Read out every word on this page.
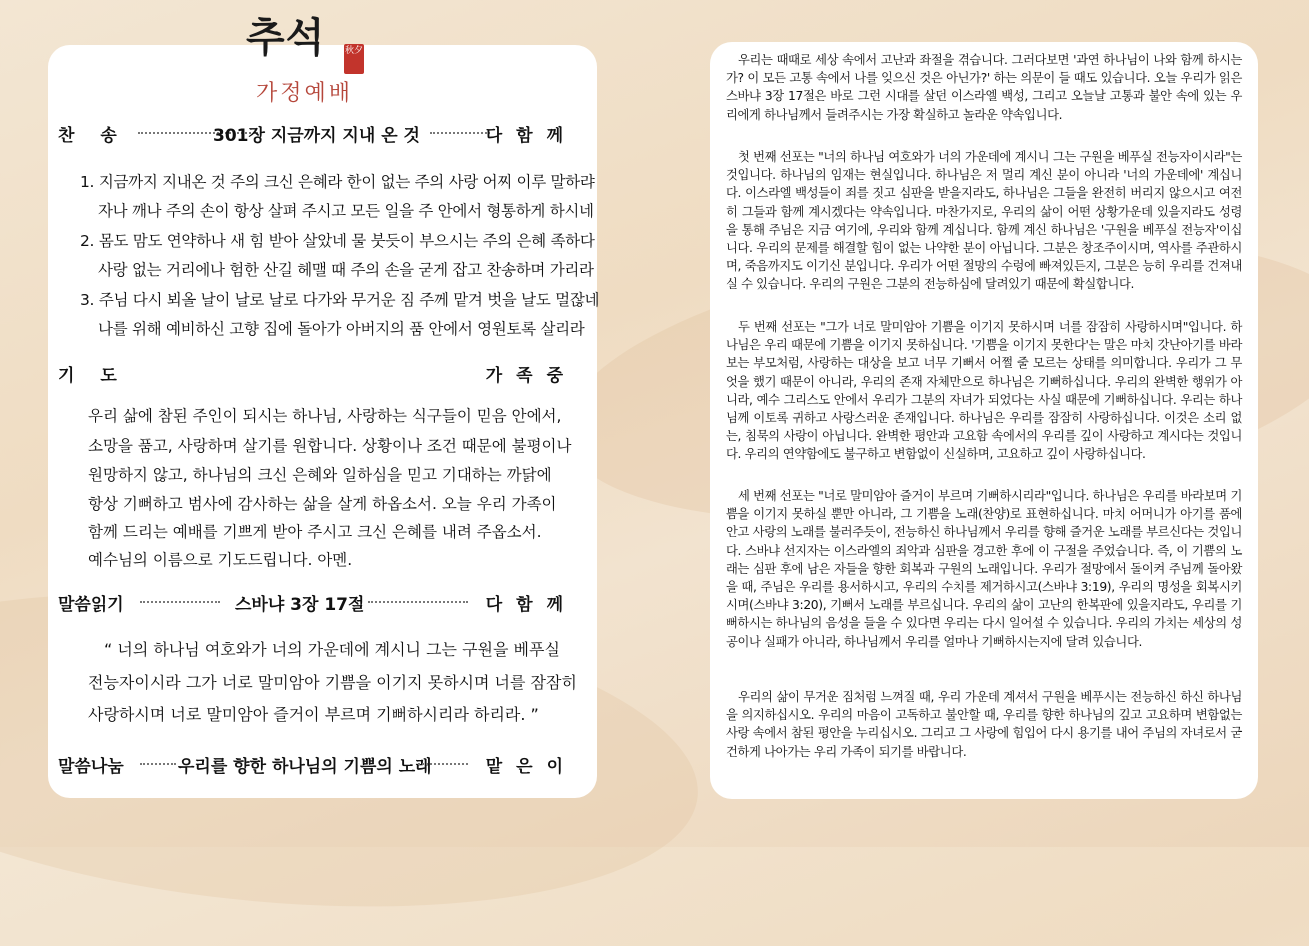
추석 秋夕
가정예배
찬 송	301장 지금까지 지내 온 것	다함께
1. 지금까지 지내온 것 주의 크신 은혜라 한이 없는 주의 사랑 어찌 이루 말하랴
자나 깨나 주의 손이 항상 살펴 주시고 모든 일을 주 안에서 형통하게 하시네
2. 몸도 맘도 연약하나 새 힘 받아 살았네 물 붓듯이 부으시는 주의 은혜 족하다
사랑 없는 거리에나 험한 산길 헤맬 때 주의 손을 굳게 잡고 찬송하며 가리라
3. 주님 다시 뵈올 날이 날로 날로 다가와 무거운 짐 주께 맡겨 벗을 날도 멀잖네
나를 위해 예비하신 고향 집에 돌아가 아버지의 품 안에서 영원토록 살리라
기 도	가족중
우리 삶에 참된 주인이 되시는 하나님, 사랑하는 식구들이 믿음 안에서,
소망을 품고, 사랑하며 살기를 원합니다. 상황이나 조건 때문에 불평이나
원망하지 않고, 하나님의 크신 은혜와 일하심을 믿고 기대하는 까닭에
항상 기뻐하고 범사에 감사하는 삶을 살게 하옵소서. 오늘 우리 가족이
함께 드리는 예배를 기쁘게 받아 주시고 크신 은혜를 내려 주옵소서.
예수님의 이름으로 기도드립니다. 아멘.
말씀읽기	스바냐 3장 17절	다함께
“ 너의 하나님 여호와가 너의 가운데에 계시니 그는 구원을 베푸실
전능자이시라 그가 너로 말미암아 기쁨을 이기지 못하시며 너를 잠잠히
사랑하시며 너로 말미암아 즐거이 부르며 기뻐하시리라 하리라. ”
말씀나눔	우리를 향한 하나님의 기쁨의 노래	맡은이
우리는 때때로 세상 속에서 고난과 좌절을 겪습니다. 그러다보면 '과연 하나님이 나와 함께 하시는가? 이 모든 고통 속에서 나를 잊으신 것은 아닌가?' 하는 의문이 들 때도 있습니다. 오늘 우리가 읽은 스바냐 3장 17절은 바로 그런 시대를 살던 이스라엘 백성, 그리고 오늘날 고통과 불안 속에 있는 우리에게 하나님께서 들려주시는 가장 확실하고 놀라운 약속입니다.
첫 번째 선포는 "너의 하나님 여호와가 너의 가운데에 계시니 그는 구원을 베푸실 전능자이시라"는 것입니다. 하나님의 임재는 현실입니다. 하나님은 저 멀리 계신 분이 아니라 '너의 가운데에' 계십니다. 이스라엘 백성들이 죄를 짓고 심판을 받을지라도, 하나님은 그들을 완전히 버리지 않으시고 여전히 그들과 함께 계시겠다는 약속입니다. 마찬가지로, 우리의 삶이 어떤 상황가운데 있을지라도 성령을 통해 주님은 지금 여기에, 우리와 함께 계십니다. 함께 계신 하나님은 '구원을 베푸실 전능자'이십니다. 우리의 문제를 해결할 힘이 없는 나약한 분이 아닙니다. 그분은 창조주이시며, 역사를 주관하시며, 죽음까지도 이기신 분입니다. 우리가 어떤 절망의 수렁에 빠져있든지, 그분은 능히 우리를 건져내실 수 있습니다. 우리의 구원은 그분의 전능하심에 달려있기 때문에 확실합니다.
두 번째 선포는 "그가 너로 말미암아 기쁨을 이기지 못하시며 너를 잠잠히 사랑하시며"입니다. 하나님은 우리 때문에 기쁨을 이기지 못하십니다. '기쁨을 이기지 못한다'는 말은 마치 갓난아기를 바라보는 부모처럼, 사랑하는 대상을 보고 너무 기뻐서 어쩔 줄 모르는 상태를 의미합니다. 우리가 그 무엇을 했기 때문이 아니라, 우리의 존재 자체만으로 하나님은 기뻐하십니다. 우리의 완벽한 행위가 아니라, 예수 그리스도 안에서 우리가 그분의 자녀가 되었다는 사실 때문에 기뻐하십니다. 우리는 하나님께 이토록 귀하고 사랑스러운 존재입니다. 하나님은 우리를 잠잠히 사랑하십니다. 이것은 소리 없는, 침묵의 사랑이 아닙니다. 완벽한 평안과 고요함 속에서의 우리를 깊이 사랑하고 계시다는 것입니다. 우리의 연약함에도 불구하고 변함없이 신실하며, 고요하고 깊이 사랑하십니다.
세 번째 선포는 "너로 말미암아 즐거이 부르며 기뻐하시리라"입니다. 하나님은 우리를 바라보며 기쁨을 이기지 못하실 뿐만 아니라, 그 기쁨을 노래(찬양)로 표현하십니다. 마치 어머니가 아기를 품에 안고 사랑의 노래를 불러주듯이, 전능하신 하나님께서 우리를 향해 즐거운 노래를 부르신다는 것입니다. 스바냐 선지자는 이스라엘의 죄악과 심판을 경고한 후에 이 구절을 주었습니다. 즉, 이 기쁨의 노래는 심판 후에 남은 자들을 향한 회복과 구원의 노래입니다. 우리가 절망에서 돌이켜 주님께 돌아왔을 때, 주님은 우리를 용서하시고, 우리의 수치를 제거하시고(스바냐 3:19), 우리의 명성을 회복시키시며(스바냐 3:20), 기뻐서 노래를 부르십니다. 우리의 삶이 고난의 한복판에 있을지라도, 우리를 기뻐하시는 하나님의 음성을 들을 수 있다면 우리는 다시 일어설 수 있습니다. 우리의 가치는 세상의 성공이나 실패가 아니라, 하나님께서 우리를 얼마나 기뻐하시는지에 달려 있습니다.
우리의 삶이 무거운 짐처럼 느껴질 때, 우리 가운데 계셔서 구원을 베푸시는 전능하신 하신 하나님을 의지하십시오. 우리의 마음이 고독하고 불안할 때, 우리를 향한 하나님의 깊고 고요하며 변함없는 사랑 속에서 참된 평안을 누리십시오. 그리고 그 사랑에 힘입어 다시 용기를 내어 주님의 자녀로서 굳건하게 나아가는 우리 가족이 되기를 바랍니다.
